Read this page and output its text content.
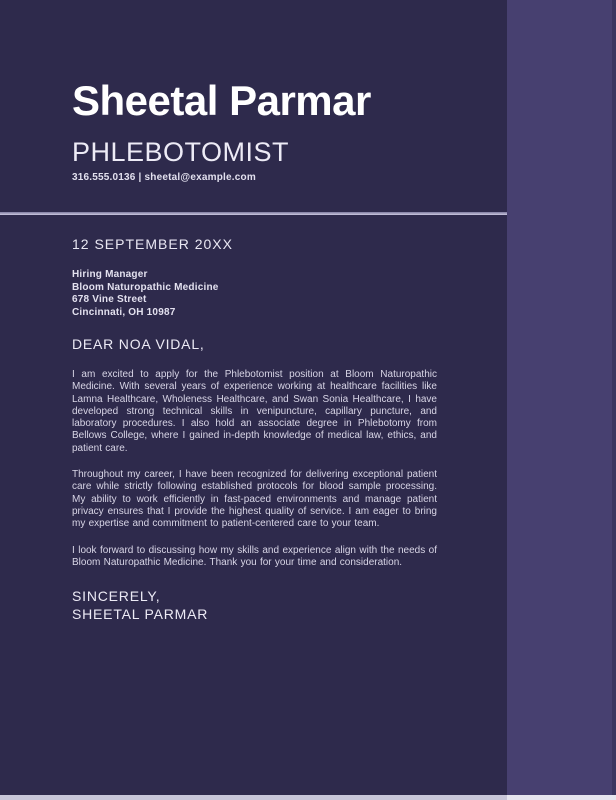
Sheetal Parmar
PHLEBOTOMIST
316.555.0136 | sheetal@example.com
12 SEPTEMBER 20XX
Hiring Manager
Bloom Naturopathic Medicine
678 Vine Street
Cincinnati, OH 10987
DEAR NOA VIDAL,
I am excited to apply for the Phlebotomist position at Bloom Naturopathic Medicine. With several years of experience working at healthcare facilities like Lamna Healthcare, Wholeness Healthcare, and Swan Sonia Healthcare, I have developed strong technical skills in venipuncture, capillary puncture, and laboratory procedures. I also hold an associate degree in Phlebotomy from Bellows College, where I gained in-depth knowledge of medical law, ethics, and patient care.
Throughout my career, I have been recognized for delivering exceptional patient care while strictly following established protocols for blood sample processing. My ability to work efficiently in fast-paced environments and manage patient privacy ensures that I provide the highest quality of service. I am eager to bring my expertise and commitment to patient-centered care to your team.
I look forward to discussing how my skills and experience align with the needs of Bloom Naturopathic Medicine. Thank you for your time and consideration.
SINCERELY,
SHEETAL PARMAR
